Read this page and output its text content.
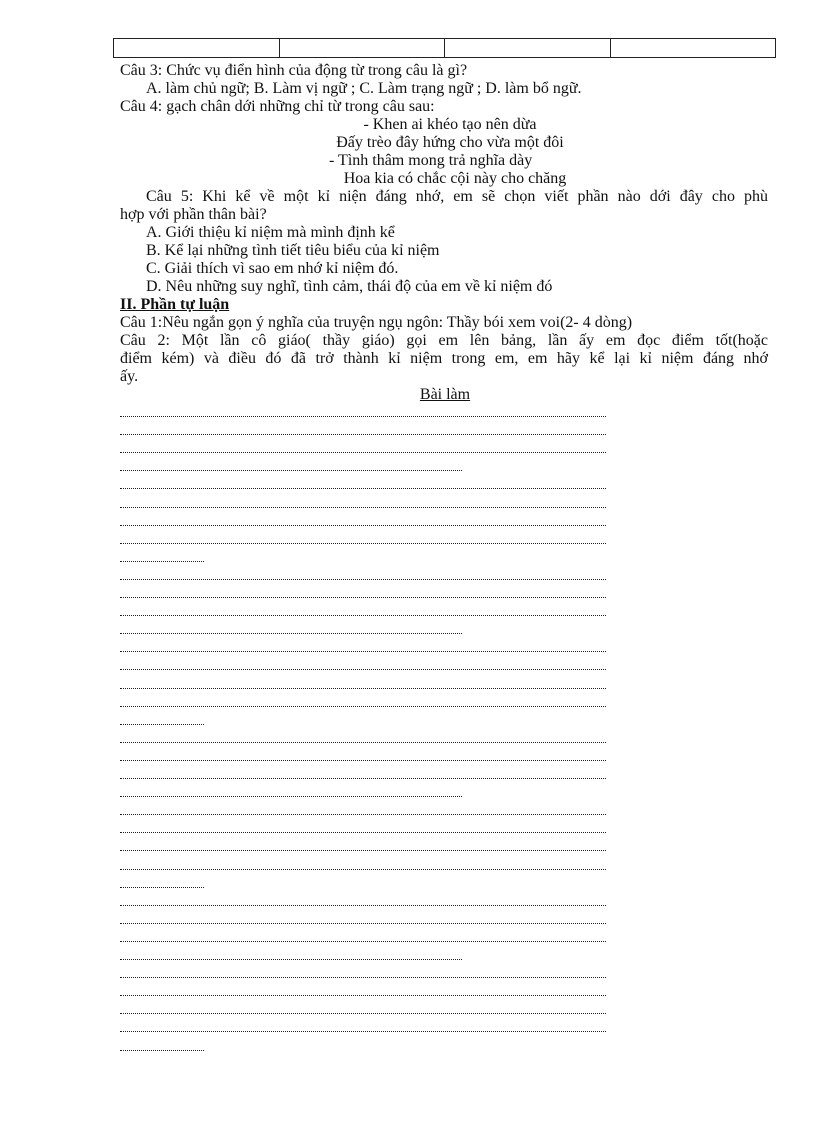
Câu 3: Chức vụ điển hình của động từ trong câu là gì?
A. làm chủ ngữ; B. Làm vị ngữ ; C. Làm trạng ngữ ; D. làm bổ ngữ.
Câu 4: gạch chân dới những chỉ từ trong câu sau:
- Khen ai khéo tạo nên dừa
Đấy trèo đây hứng cho vừa một đôi
- Tình thâm mong trả nghĩa dày
Hoa kia có chắc cội này cho chăng
Câu 5: Khi kể về một kỉ niện đáng nhớ, em sẽ chọn viết phần nào dới đây cho phù
hợp với phần thân bài?
A. Giới thiệu kỉ niệm mà mình định kể
B. Kể lại những tình tiết tiêu biểu của kỉ niệm
C. Giải thích vì sao em nhớ kỉ niệm đó.
D. Nêu những suy nghĩ, tình cảm, thái độ của em về kỉ niệm đó
II. Phần tự luận
Câu 1:Nêu ngắn gọn ý nghĩa của truyện ngụ ngôn: Thầy bói xem voi(2- 4 dòng)
Câu 2: Một lần cô giáo( thầy giáo) gọi em lên bảng, lần ấy em đọc điểm tốt(hoặc
điểm kém) và điều đó đã trở thành kỉ niệm trong em, em hãy kể lại kỉ niệm đáng nhớ
ấy.
Bài làm
